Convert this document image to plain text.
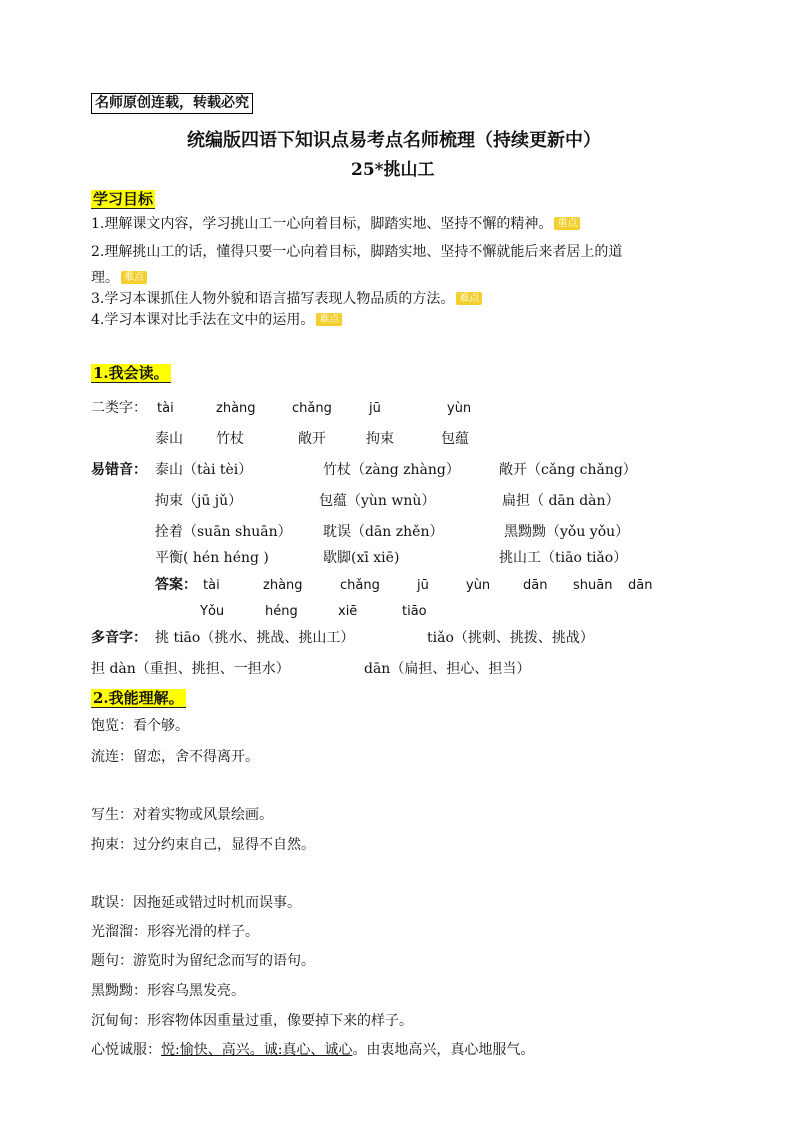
名师原创连载，转载必究
统编版四语下知识点易考点名师梳理（持续更新中）
25*挑山工
学习目标
1.理解课文内容，学习挑山工一心向着目标，脚踏实地、坚持不懈的精神。 重点
2.理解挑山工的话，懂得只要一心向着目标，脚踏实地、坚持不懈就能后来者居上的道
理。 难点
3.学习本课抓住人物外貌和语言描写表现人物品质的方法。 难点
4.学习本课对比手法在文中的运用。 难点
1.我会读。
二类字： tài	zhàng	chǎng	jū	yùn
泰山 竹杖	敞开	拘束	包蕴
易错音： 泰山（tài tèi）	竹杖（zàng zhàng）	敞开（cǎng chǎng）
拘束（jū jǔ）	包蕴（yùn wnù）	扁担（ dān dàn）
拴着（suān shuān） 耽误（dān zhěn）	黑黝黝（yǒu yǒu）
平衡( hén héng )	歇脚(xī xiē)	挑山工（tiāo tiǎo）
答案： tài	zhàng	chǎng	jū	yùn	dān shuān dān
Yǒu	héng	xiē	tiāo
多音字： 挑 tiāo（挑水、挑战、挑山工）	tiǎo（挑刺、挑拨、挑战）
担 dàn（重担、挑担、一担水）	dān（扁担、担心、担当）
2.我能理解。
饱览：看个够。
流连：留恋，舍不得离开。
写生：对着实物或风景绘画。
拘束：过分约束自己，显得不自然。
耽误：因拖延或错过时机而误事。
光溜溜：形容光滑的样子。
题句：游览时为留纪念而写的语句。
黑黝黝：形容乌黑发亮。
沉甸甸：形容物体因重量过重，像要掉下来的样子。
心悦诚服：悦:愉快、高兴。诚:真心、诚心。由衷地高兴，真心地服气。
